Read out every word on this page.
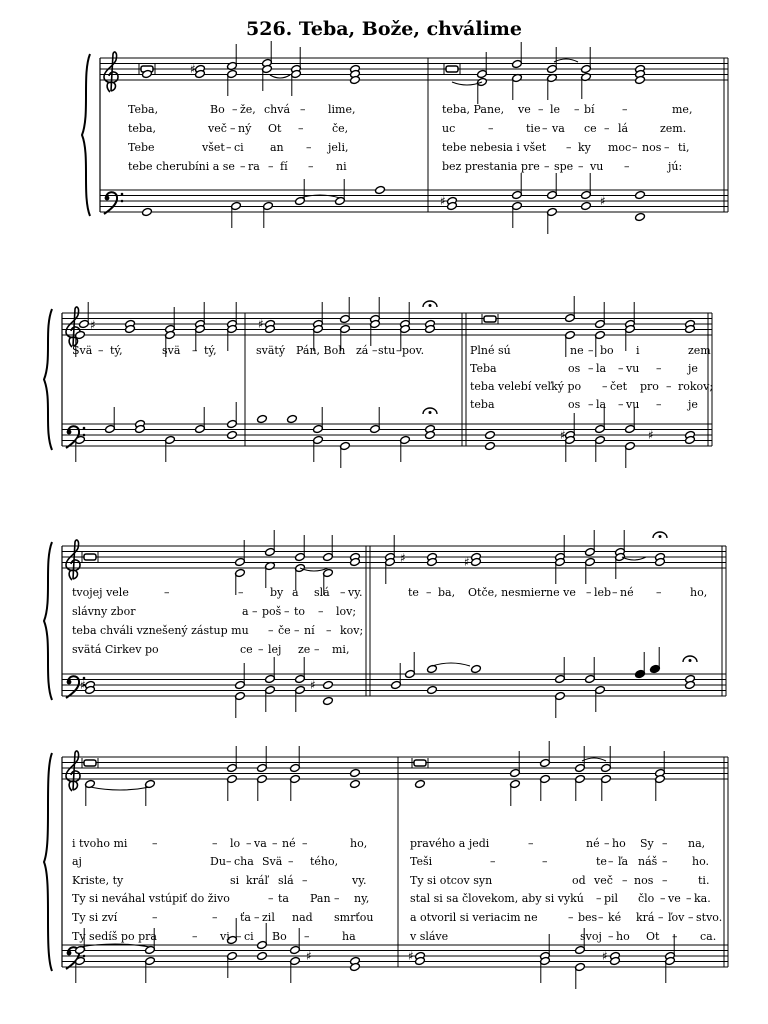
526. Teba, Bože, chválime
♯
♯	♯
♯	♯
♯	♯
♯	♯
♯	♯
♯	♯	♯
Teba,	Bo – že, chvá – lime,	teba, Pane, ve – le – bí –	me,
teba,	več – ný Ot –	če,	uc	–	tie – va ce – lá	zem.
Tebe	všet – ci an – jeli,	tebe nebesia i všet – ky moc – nos – ti,
tebe cherubíni a se – ra – fí – ni	bez prestania pre – spe – vu –	jú:
Svä – tý,	svä – tý,	svätý Pán, Boh zá – stu – pov.	Plné sú	ne – bo i	zem
Teba	os – la – vu – je
teba velebí veľký po – čet pro – rokov;
teba	os – la – vu – je
tvojej vele	–	– by a slá – vy.	te – ba, Otče, nesmierne ve – leb – né –	ho,
slávny zbor	a – poš – to – lov;
teba chváli vznešený zástup mu – če – ní – kov;
svätá Cirkev po	ce – lej ze – mi,
i tvoho mi –	– lo – va – né –	ho,	pravého a jedi	–	né – ho Sy – na,
aj	Du – cha Svä – tého,	Teši	–	–	te – ľa náš – ho.
Kriste, ty	si kráľ slá –	vy.	Ty si otcov syn	od več – nos –	ti.
Ty si neváhal vstúpiť do živo	– ta Pan – ny,	stal si sa človekom, aby si vykú – pil člo – ve – ka.
Ty si zví	–	– ťa – zil nad smrťou	a otvoril si veriacim ne	– bes – ké krá – ľov – stvo.
Ty sedíš po pra	– vi – ci Bo –	ha	v sláve	svoj – ho Ot – ca.
